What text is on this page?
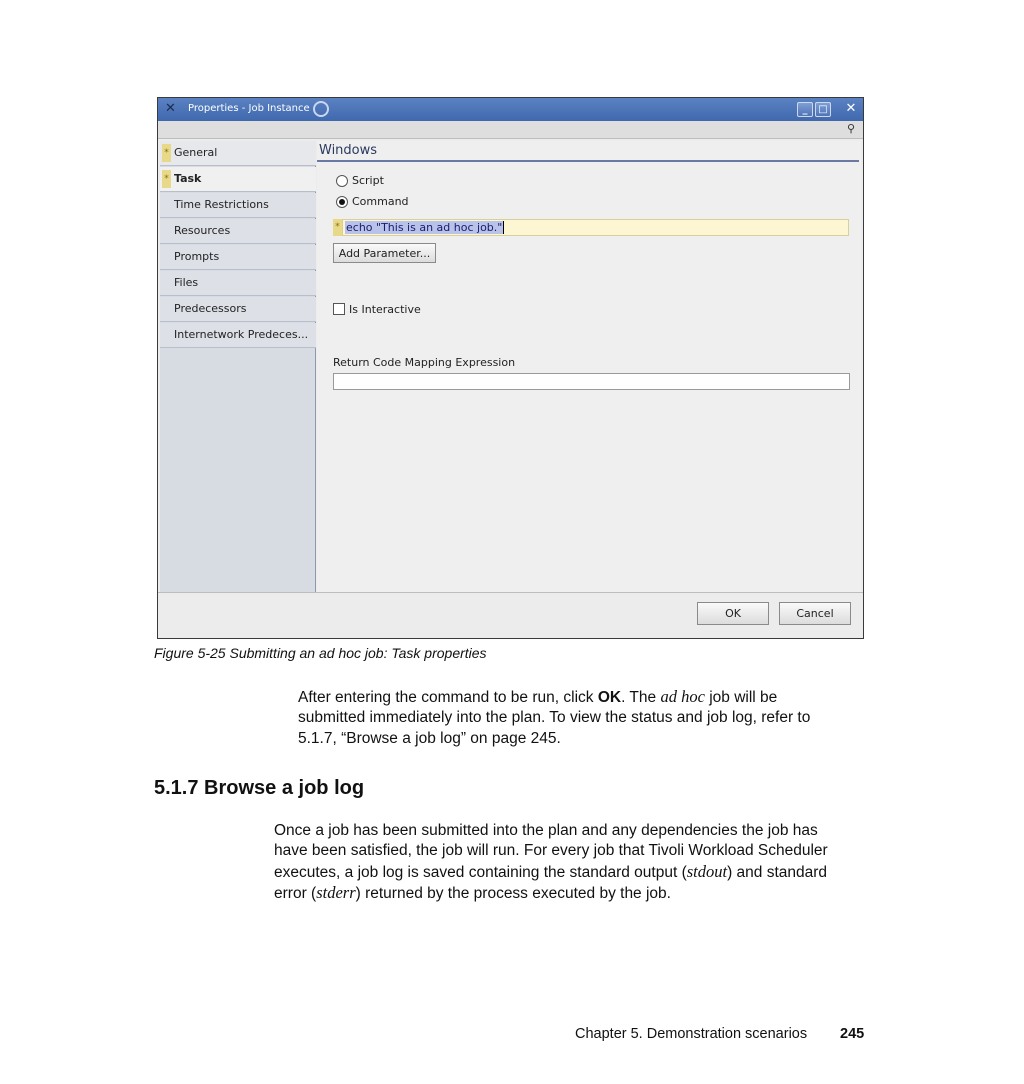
✕	Properties - Job Instance	_	□ ✕
⚲
* General
* Task
Time Restrictions
Resources
Prompts
Files
Predecessors
Internetwork Predeces...
Windows
Script
Command
* echo "This is an ad hoc job."
Add Parameter...
Is Interactive
Return Code Mapping Expression
OK	Cancel
Figure 5-25 Submitting an ad hoc job: Task properties
After entering the command to be run, click OK. The ad hoc job will be
submitted immediately into the plan. To view the status and job log, refer to
5.1.7, “Browse a job log” on page 245.
5.1.7 Browse a job log
Once a job has been submitted into the plan and any dependencies the job has
have been satisfied, the job will run. For every job that Tivoli Workload Scheduler
executes, a job log is saved containing the standard output (stdout) and standard
error (stderr) returned by the process executed by the job.
Chapter 5. Demonstration scenarios 245
